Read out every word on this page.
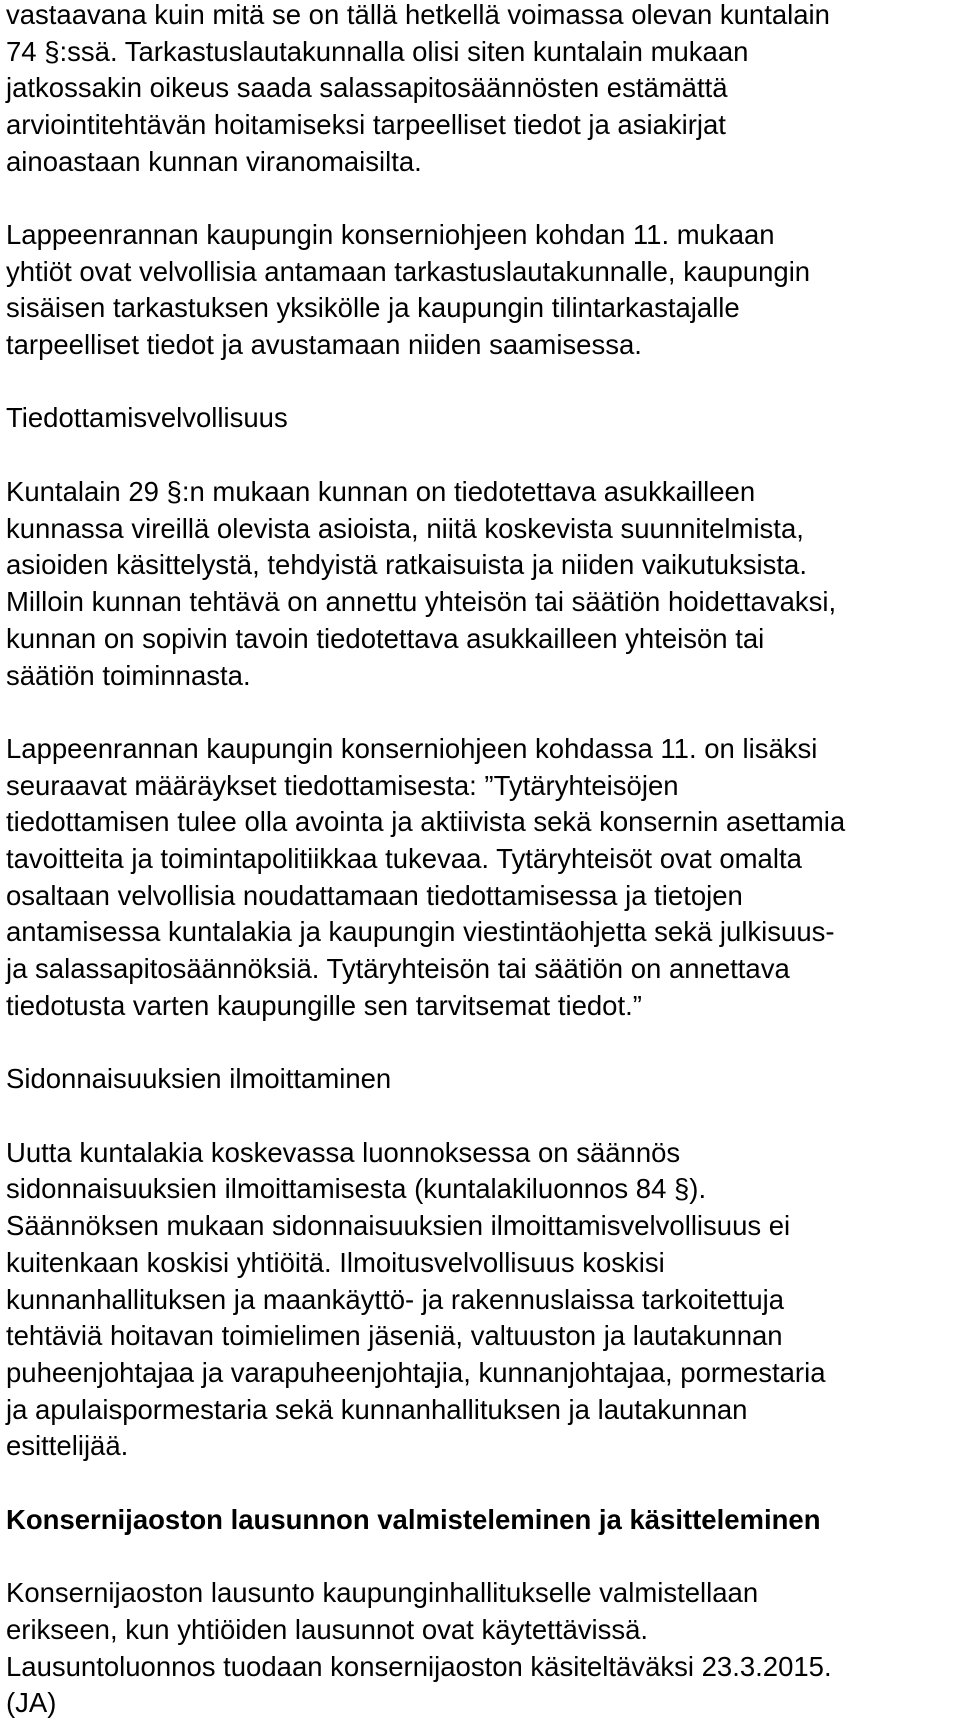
vastaavana kuin mitä se on tällä hetkellä voimassa olevan kuntalain
74 §:ssä. Tarkastuslautakunnalla olisi siten kuntalain mukaan
jatkossakin oikeus saada salassapitosäännösten estämättä
arviointitehtävän hoitamiseksi tarpeelliset tiedot ja asiakirjat
ainoastaan kunnan viranomaisilta.
Lappeenrannan kaupungin konserniohjeen kohdan 11. mukaan
yhtiöt ovat velvollisia antamaan tarkastuslautakunnalle, kaupungin
sisäisen tarkastuksen yksikölle ja kaupungin tilintarkastajalle
tarpeelliset tiedot ja avustamaan niiden saamisessa.
Tiedottamisvelvollisuus
Kuntalain 29 §:n mukaan kunnan on tiedotettava asukkailleen
kunnassa vireillä olevista asioista, niitä koskevista suunnitelmista,
asioiden käsittelystä, tehdyistä ratkaisuista ja niiden vaikutuksista.
Milloin kunnan tehtävä on annettu yhteisön tai säätiön hoidettavaksi,
kunnan on sopivin tavoin tiedotettava asukkailleen yhteisön tai
säätiön toiminnasta.
Lappeenrannan kaupungin konserniohjeen kohdassa 11. on lisäksi
seuraavat määräykset tiedottamisesta: ”Tytäryhteisöjen
tiedottamisen tulee olla avointa ja aktiivista sekä konsernin asettamia
tavoitteita ja toimintapolitiikkaa tukevaa. Tytäryhteisöt ovat omalta
osaltaan velvollisia noudattamaan tiedottamisessa ja tietojen
antamisessa kuntalakia ja kaupungin viestintäohjetta sekä julkisuus-
ja salassapitosäännöksiä. Tytäryhteisön tai säätiön on annettava
tiedotusta varten kaupungille sen tarvitsemat tiedot.”
Sidonnaisuuksien ilmoittaminen
Uutta kuntalakia koskevassa luonnoksessa on säännös
sidonnaisuuksien ilmoittamisesta (kuntalakiluonnos 84 §).
Säännöksen mukaan sidonnaisuuksien ilmoittamisvelvollisuus ei
kuitenkaan koskisi yhtiöitä. Ilmoitusvelvollisuus koskisi
kunnanhallituksen ja maankäyttö- ja rakennuslaissa tarkoitettuja
tehtäviä hoitavan toimielimen jäseniä, valtuuston ja lautakunnan
puheenjohtajaa ja varapuheenjohtajia, kunnanjohtajaa, pormestaria
ja apulaispormestaria sekä kunnanhallituksen ja lautakunnan
esittelijää.
Konsernijaoston lausunnon valmisteleminen ja käsitteleminen
Konsernijaoston lausunto kaupunginhallitukselle valmistellaan
erikseen, kun yhtiöiden lausunnot ovat käytettävissä.
Lausuntoluonnos tuodaan konsernijaoston käsiteltäväksi 23.3.2015.
(JA)
